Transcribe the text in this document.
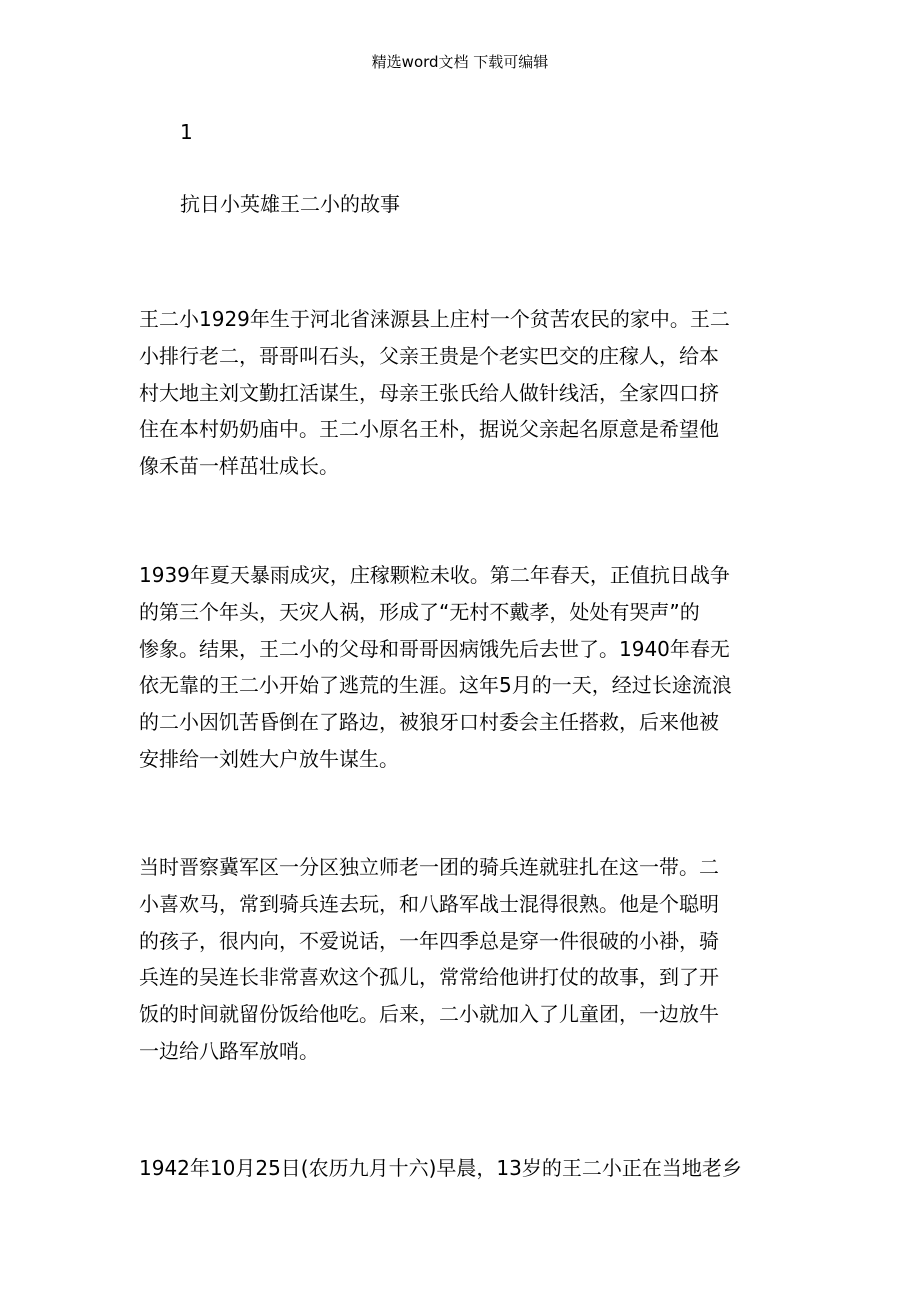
精选word文档 下载可编辑
1
抗日小英雄王二小的故事
王二小1929年生于河北省涞源县上庄村一个贫苦农民的家中。王二
小排行老二，哥哥叫石头，父亲王贵是个老实巴交的庄稼人，给本
村大地主刘文勤扛活谋生，母亲王张氏给人做针线活，全家四口挤
住在本村奶奶庙中。王二小原名王朴，据说父亲起名原意是希望他
像禾苗一样茁壮成长。
1939年夏天暴雨成灾，庄稼颗粒未收。第二年春天，正值抗日战争
的第三个年头，天灾人祸，形成了“无村不戴孝，处处有哭声”的
惨象。结果，王二小的父母和哥哥因病饿先后去世了。1940年春无
依无靠的王二小开始了逃荒的生涯。这年5月的一天，经过长途流浪
的二小因饥苦昏倒在了路边，被狼牙口村委会主任搭救，后来他被
安排给一刘姓大户放牛谋生。
当时晋察冀军区一分区独立师老一团的骑兵连就驻扎在这一带。二
小喜欢马，常到骑兵连去玩，和八路军战士混得很熟。他是个聪明
的孩子，很内向，不爱说话，一年四季总是穿一件很破的小褂，骑
兵连的吴连长非常喜欢这个孤儿，常常给他讲打仗的故事，到了开
饭的时间就留份饭给他吃。后来，二小就加入了儿童团，一边放牛
一边给八路军放哨。
1942年10月25日(农历九月十六)早晨，13岁的王二小正在当地老乡
